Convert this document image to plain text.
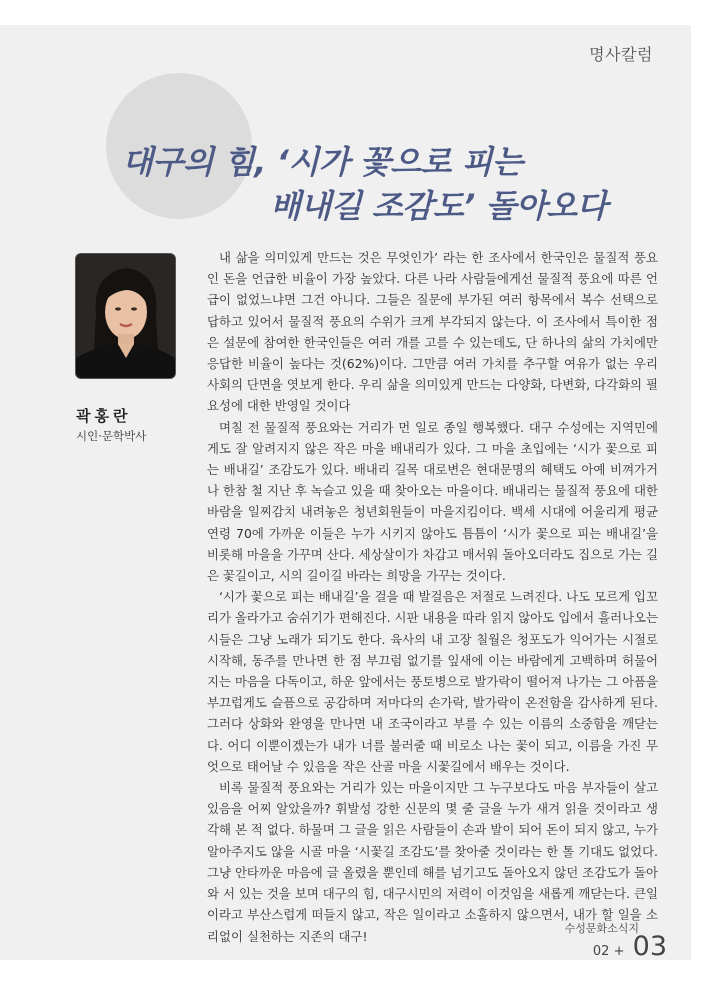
명사칼럼
대구의 힘, ‘시가 꽃으로 피는
배내길 조감도’ 돌아오다
곽홍란
시인·문학박사

내 삶을 의미있게 만드는 것은 무엇인가’ 라는 한 조사에서 한국인은 물질적 풍요인 돈을 언급한 비율이 가장 높았다. 다른 나라 사람들에게선 물질적 풍요에 따른 언급이 없었느냐면 그건 아니다. 그들은 질문에 부가된 여러 항목에서 복수 선택으로 답하고 있어서 물질적 풍요의 수위가 크게 부각되지 않는다. 이 조사에서 특이한 점은 설문에 참여한 한국인들은 여러 개를 고를 수 있는데도, 단 하나의 삶의 가치에만 응답한 비율이 높다는 것(62%)이다. 그만큼 여러 가치를 추구할 여유가 없는 우리 사회의 단면을 엿보게 한다. 우리 삶을 의미있게 만드는 다양화, 다변화, 다각화의 필요성에 대한 반영일 것이다

며칠 전 물질적 풍요와는 거리가 먼 일로 종일 행복했다. 대구 수성에는 지역민에게도 잘 알려지지 않은 작은 마을 배내리가 있다. 그 마을 초입에는 ‘시가 꽃으로 피는 배내길’ 조감도가 있다. 배내리 길목 대로변은 현대문명의 혜택도 아예 비껴가거나 한참 철 지난 후 녹슬고 있을 때 찾아오는 마을이다. 배내리는 물질적 풍요에 대한 바람을 일찌감치 내려놓은 청년회원들이 마을지킴이다. 백세 시대에 어울리게 평균 연령 70에 가까운 이들은 누가 시키지 않아도 틈틈이 ‘시가 꽃으로 피는 배내길’을 비롯해 마을을 가꾸며 산다. 세상살이가 차갑고 매서워 돌아오더라도 집으로 가는 길은 꽃길이고, 시의 길이길 바라는 희망을 가꾸는 것이다.

‘시가 꽃으로 피는 배내길’을 걸을 때 발걸음은 저절로 느려진다. 나도 모르게 입꼬리가 올라가고 숨쉬기가 편해진다. 시판 내용을 따라 읽지 않아도 입에서 흘러나오는 시들은 그냥 노래가 되기도 한다. 육사의 내 고장 칠월은 청포도가 익어가는 시절로 시작해, 동주를 만나면 한 점 부끄럼 없기를 잎새에 이는 바람에게 고백하며 허물어지는 마음을 다독이고, 하운 앞에서는 풍토병으로 발가락이 떨어져 나가는 그 아픔을 부끄럽게도 슬픔으로 공감하며 저마다의 손가락, 발가락이 온전함을 감사하게 된다. 그러다 상화와 완영을 만나면 내 조국이라고 부를 수 있는 이름의 소중함을 깨닫는다. 어디 이뿐이겠는가 내가 너를 불러줄 때 비로소 나는 꽃이 되고, 이름을 가진 무엇으로 태어날 수 있음을 작은 산골 마을 시꽃길에서 배우는 것이다.

비록 물질적 풍요와는 거리가 있는 마을이지만 그 누구보다도 마음 부자들이 살고 있음을 어찌 알았을까? 휘발성 강한 신문의 몇 줄 글을 누가 새겨 읽을 것이라고 생각해 본 적 없다. 하물며 그 글을 읽은 사람들이 손과 발이 되어 돈이 되지 않고, 누가 알아주지도 않을 시골 마을 ‘시꽃길 조감도’를 찾아줄 것이라는 한 톨 기대도 없었다. 그냥 안타까운 마음에 글 올렸을 뿐인데 해를 넘기고도 돌아오지 않던 조감도가 돌아와 서 있는 것을 보며 대구의 힘, 대구시민의 저력이 이것임을 새롭게 깨닫는다. 큰일이라고 부산스럽게 떠들지 않고, 작은 일이라고 소홀하지 않으면서, 내가 할 일을 소리없이 실천하는 지존의 대구!	수성문화소식지
02 + 03
